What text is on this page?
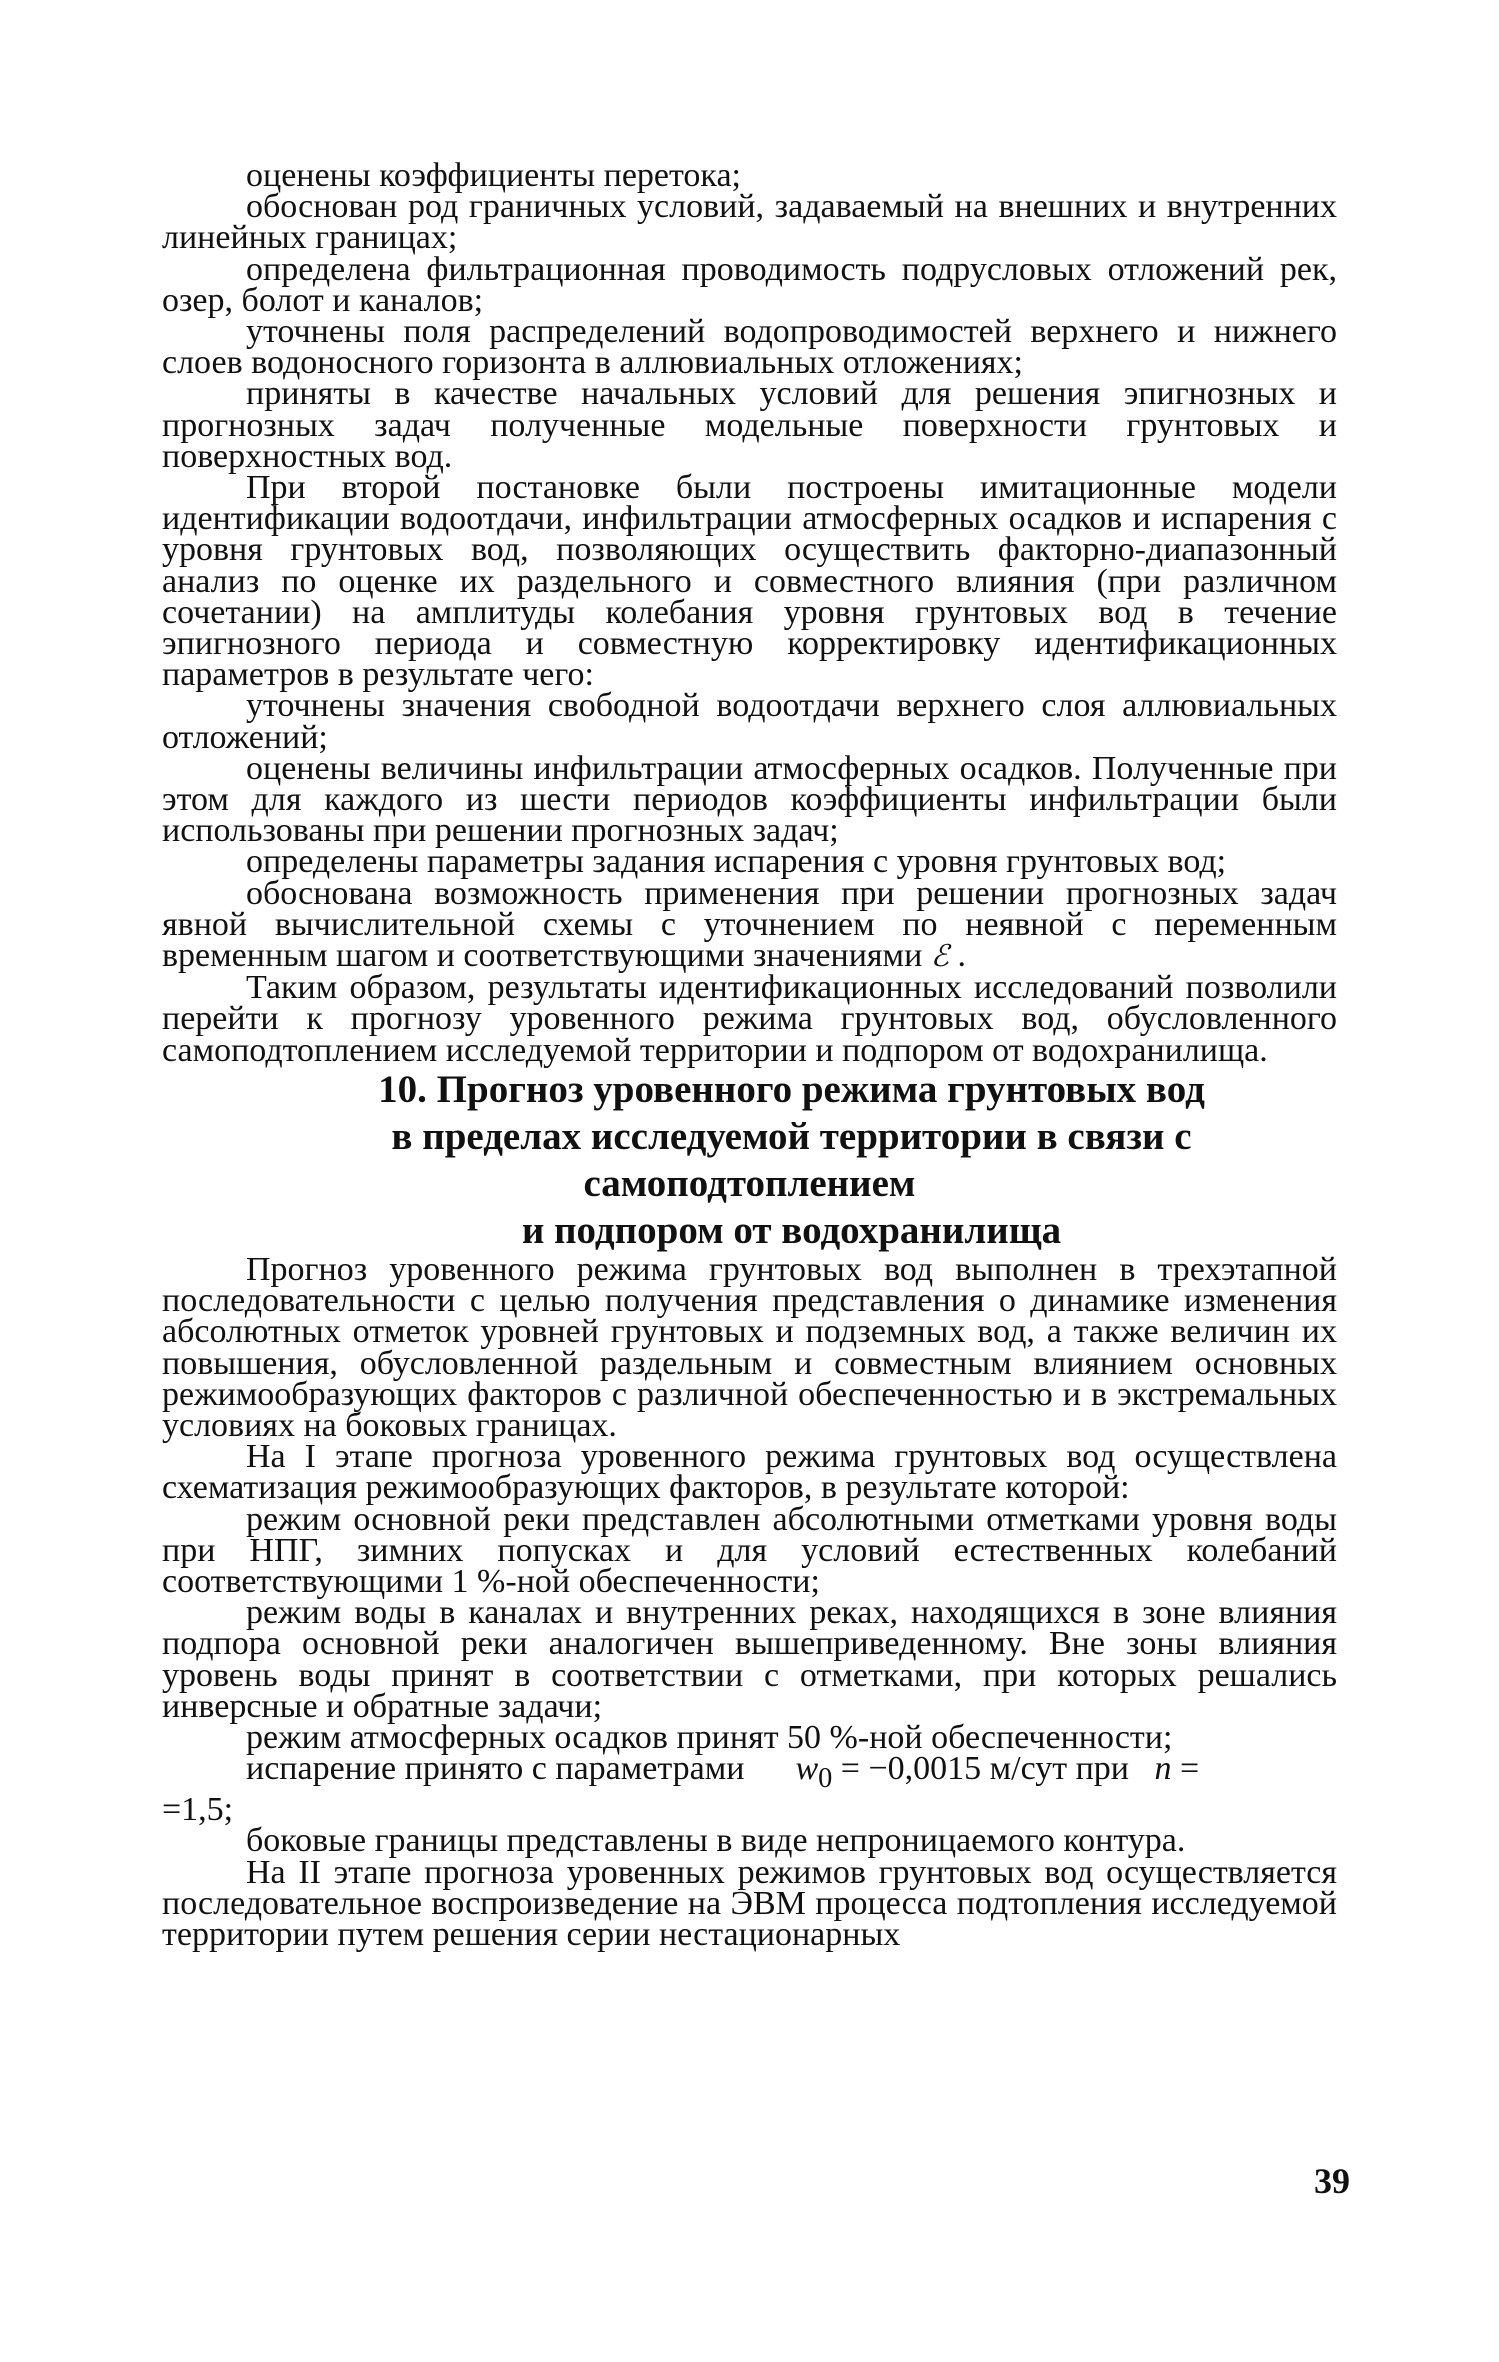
оценены коэффициенты перетока;

обоснован род граничных условий, задаваемый на внешних и внутренних линейных границах;

определена фильтрационная проводимость подрусловых отложений рек, озер, болот и каналов;

уточнены поля распределений водопроводимостей верхнего и нижнего слоев водоносного горизонта в аллювиальных отложениях;

приняты в качестве начальных условий для решения эпигнозных и прогнозных задач полученные модельные поверхности грунтовых и поверхностных вод.

При второй постановке были построены имитационные модели идентификации водоотдачи, инфильтрации атмосферных осадков и испарения с уровня грунтовых вод, позволяющих осуществить факторно-диапазонный анализ по оценке их раздельного и совместного влияния (при различном сочетании) на амплитуды колебания уровня грунтовых вод в течение эпигнозного периода и совместную корректировку идентификационных параметров в результате чего:

уточнены значения свободной водоотдачи верхнего слоя аллювиальных отложений;

оценены величины инфильтрации атмосферных осадков. Полученные при этом для каждого из шести периодов коэффициенты инфильтрации были использованы при решении прогнозных задач;

определены параметры задания испарения с уровня грунтовых вод;

обоснована возможность применения при решении прогнозных задач явной вычислительной схемы с уточнением по неявной с переменным временным шагом и соответствующими значениями ℰ .

Таким образом, результаты идентификационных исследований позволили перейти к прогнозу уровенного режима грунтовых вод, обусловленного самоподтоплением исследуемой территории и подпором от водохранилища.

10. Прогноз уровенного режима грунтовых вод
в пределах исследуемой территории в связи с самоподтоплением
и подпором от водохранилища

Прогноз уровенного режима грунтовых вод выполнен в трехэтапной последовательности с целью получения представления о динамике изменения абсолютных отметок уровней грунтовых и подземных вод, а также величин их повышения, обусловленной раздельным и совместным влиянием основных режимообразующих факторов с различной обеспеченностью и в экстремальных условиях на боковых границах.

На I этапе прогноза уровенного режима грунтовых вод осуществлена схематизация режимообразующих факторов, в результате которой:

режим основной реки представлен абсолютными отметками уровня воды при НПГ, зимних попусках и для условий естественных колебаний соответствующими 1 %-ной обеспеченности;

режим воды в каналах и внутренних реках, находящихся в зоне влияния подпора основной реки аналогичен вышеприведенному. Вне зоны влияния уровень воды принят в соответствии с отметками, при которых решались инверсные и обратные задачи;

режим атмосферных осадков принят 50 %-ной обеспеченности;

испарение принято с параметрами $w_0 = -0,0015$ м/сут при n =

=1,5;

боковые границы представлены в виде непроницаемого контура.

На II этапе прогноза уровенных режимов грунтовых вод осуществляется последовательное воспроизведение на ЭВМ процесса подтопления исследуемой территории путем решения серии нестационарных

39
